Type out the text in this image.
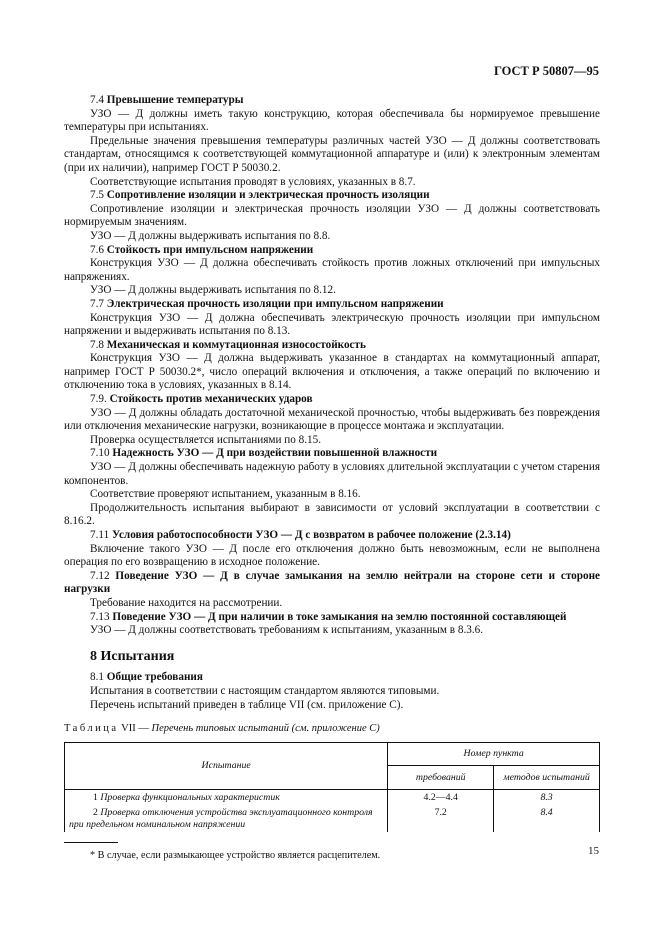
ГОСТ Р 50807—95

7.4 Превышение температуры

УЗО — Д должны иметь такую конструкцию, которая обеспечивала бы нормируемое превышение температуры при испытаниях.

Предельные значения превышения температуры различных частей УЗО — Д должны соответствовать стандартам, относящимся к соответствующей коммутационной аппаратуре и (или) к электронным элементам (при их наличии), например ГОСТ Р 50030.2.

Соответствующие испытания проводят в условиях, указанных в 8.7.

7.5 Сопротивление изоляции и электрическая прочность изоляции

Сопротивление изоляции и электрическая прочность изоляции УЗО — Д должны соответствовать нормируемым значениям.

УЗО — Д должны выдерживать испытания по 8.8.

7.6 Стойкость при импульсном напряжении

Конструкция УЗО — Д должна обеспечивать стойкость против ложных отключений при импульсных напряжениях.

УЗО — Д должны выдерживать испытания по 8.12.

7.7 Электрическая прочность изоляции при импульсном напряжении

Конструкция УЗО — Д должна обеспечивать электрическую прочность изоляции при импульсном напряжении и выдерживать испытания по 8.13.

7.8 Механическая и коммутационная износостойкость

Конструкция УЗО — Д должна выдерживать указанное в стандартах на коммутационный аппарат, например ГОСТ Р 50030.2*, число операций включения и отключения, а также операций по включению и отключению тока в условиях, указанных в 8.14.

7.9. Стойкость против механических ударов

УЗО — Д должны обладать достаточной механической прочностью, чтобы выдерживать без повреждения или отключения механические нагрузки, возникающие в процессе монтажа и эксплуатации.

Проверка осуществляется испытаниями по 8.15.

7.10 Надежность УЗО — Д при воздействии повышенной влажности

УЗО — Д должны обеспечивать надежную работу в условиях длительной эксплуатации с учетом старения компонентов.

Соответствие проверяют испытанием, указанным в 8.16.

Продолжительность испытания выбирают в зависимости от условий эксплуатации в соответствии с 8.16.2.

7.11 Условия работоспособности УЗО — Д с возвратом в рабочее положение (2.3.14)

Включение такого УЗО — Д после его отключения должно быть невозможным, если не выполнена операция по его возвращению в исходное положение.

7.12 Поведение УЗО — Д в случае замыкания на землю нейтрали на стороне сети и стороне нагрузки

Требование находится на рассмотрении.

7.13 Поведение УЗО — Д при наличии в токе замыкания на землю постоянной составляющей

УЗО — Д должны соответствовать требованиям к испытаниям, указанным в 8.3.6.

8 Испытания

8.1 Общие требования

Испытания в соответствии с настоящим стандартом являются типовыми.

Перечень испытаний приведен в таблице VII (см. приложение С).

Таблица VII — Перечень типовых испытаний (см. приложение С)
Испытание	Номер пункта	
	требований	методов испытаний
1 Проверка функциональных характеристик	4.2—4.4	8.3
2 Проверка отключения устройства эксплуатационного контроля при предельном номинальном напряжении	7.2	8.4

* В случае, если размыкающее устройство является расцепителем.	15
